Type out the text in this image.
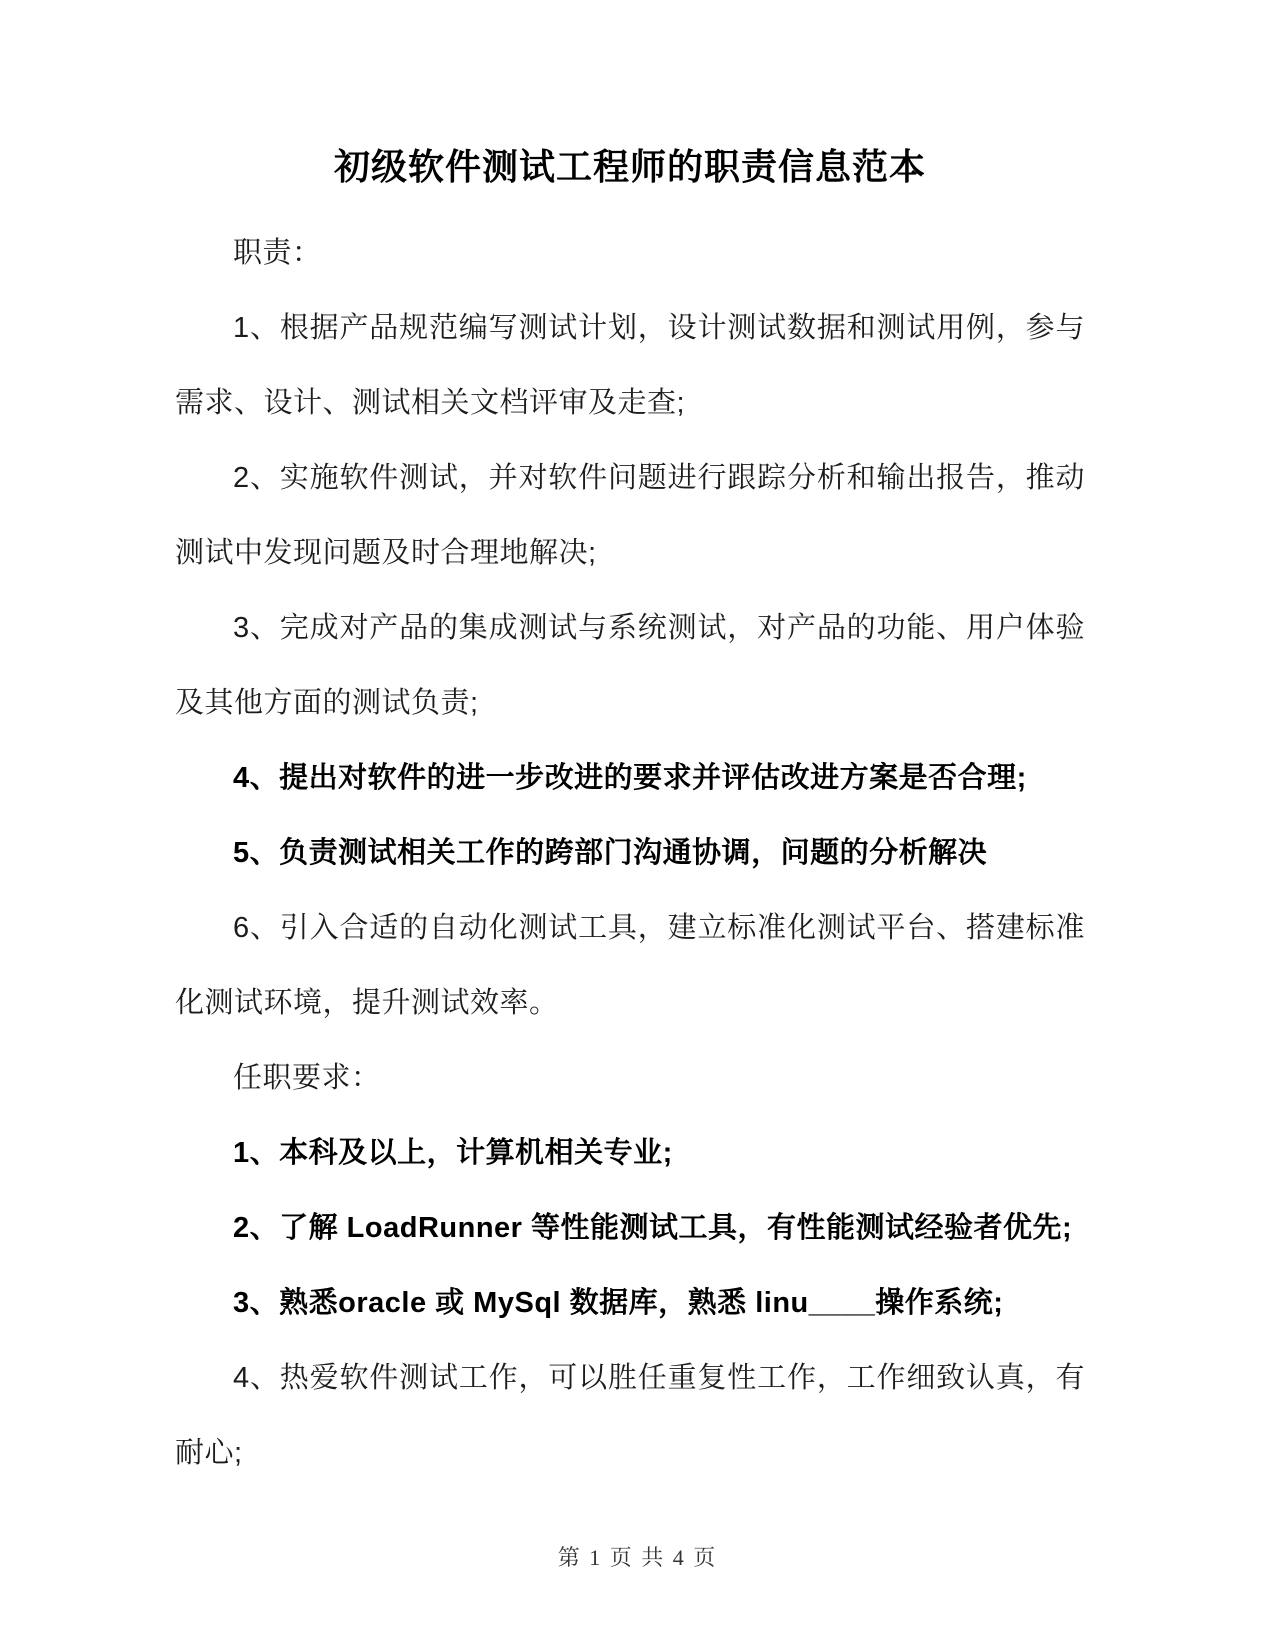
初级软件测试工程师的职责信息范本

职责：

1、根据产品规范编写测试计划，设计测试数据和测试用例，参与需求、设计、测试相关文档评审及走查;

2、实施软件测试，并对软件问题进行跟踪分析和输出报告，推动测试中发现问题及时合理地解决;

3、完成对产品的集成测试与系统测试，对产品的功能、用户体验及其他方面的测试负责;

4、提出对软件的进一步改进的要求并评估改进方案是否合理;

5、负责测试相关工作的跨部门沟通协调，问题的分析解决

6、引入合适的自动化测试工具，建立标准化测试平台、搭建标准化测试环境，提升测试效率。

任职要求：

1、本科及以上，计算机相关专业;

2、了解 LoadRunner 等性能测试工具，有性能测试经验者优先;

3、熟悉oracle 或 MySql 数据库，熟悉 linu____操作系统;

4、热爱软件测试工作，可以胜任重复性工作，工作细致认真，有耐心;

第 1 页 共 4 页
